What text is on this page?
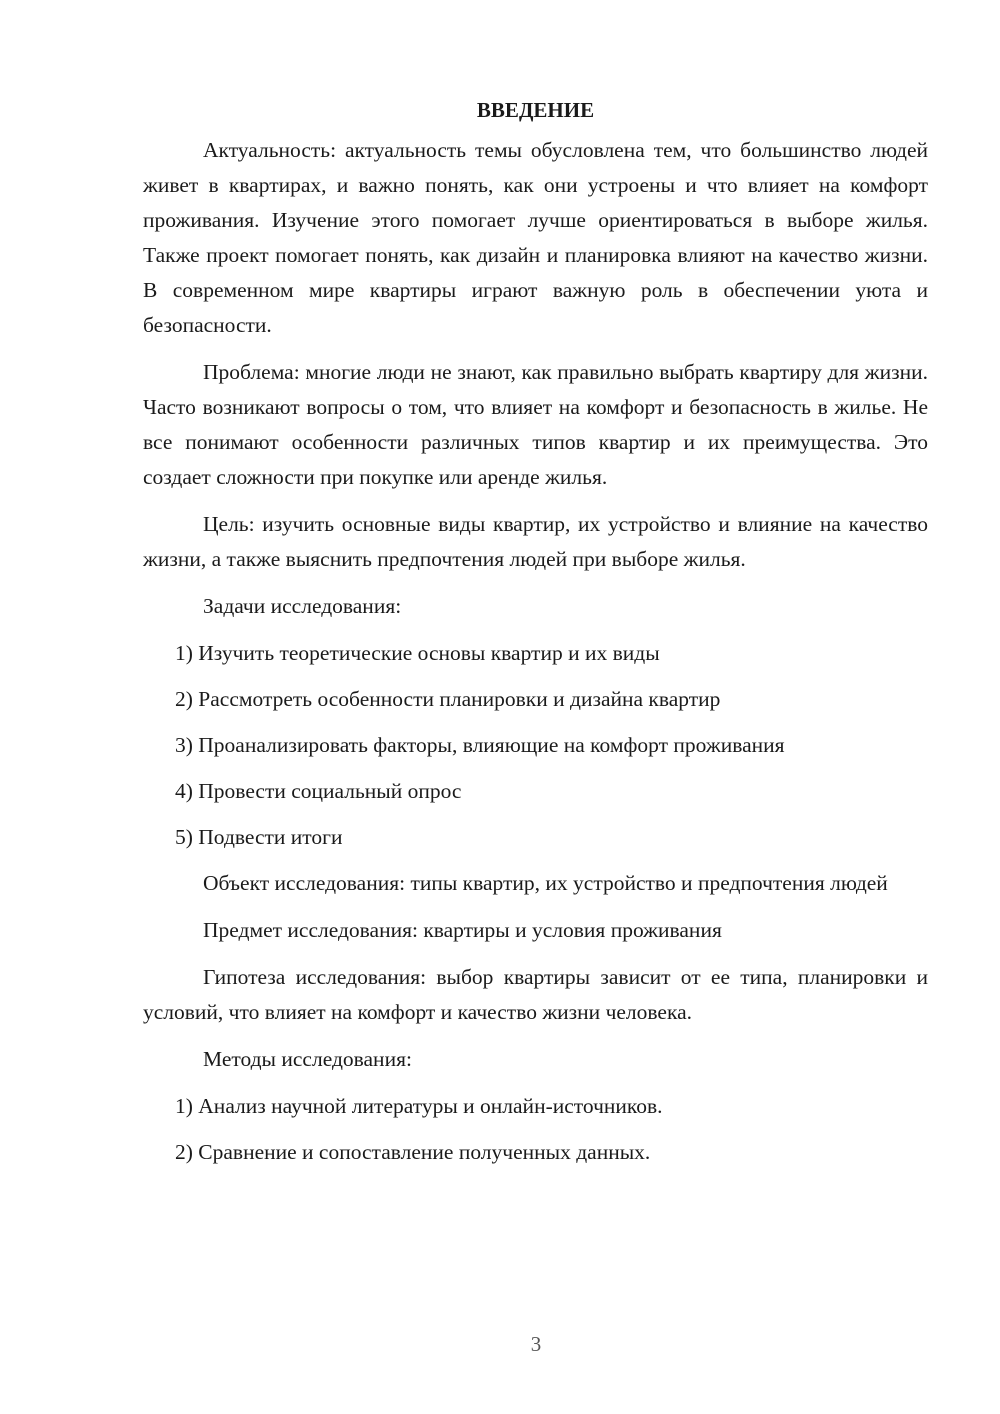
ВВЕДЕНИЕ

Актуальность: актуальность темы обусловлена тем, что большинство людей живет в квартирах, и важно понять, как они устроены и что влияет на комфорт проживания. Изучение этого помогает лучше ориентироваться в выборе жилья. Также проект помогает понять, как дизайн и планировка влияют на качество жизни. В современном мире квартиры играют важную роль в обеспечении уюта и безопасности.

Проблема: многие люди не знают, как правильно выбрать квартиру для жизни. Часто возникают вопросы о том, что влияет на комфорт и безопасность в жилье. Не все понимают особенности различных типов квартир и их преимущества. Это создает сложности при покупке или аренде жилья.

Цель: изучить основные виды квартир, их устройство и влияние на качество жизни, а также выяснить предпочтения людей при выборе жилья.

Задачи исследования:

1) Изучить теоретические основы квартир и их виды
2) Рассмотреть особенности планировки и дизайна квартир
3) Проанализировать факторы, влияющие на комфорт проживания
4) Провести социальный опрос
5) Подвести итоги

Объект исследования: типы квартир, их устройство и предпочтения людей

Предмет исследования: квартиры и условия проживания

Гипотеза исследования: выбор квартиры зависит от ее типа, планировки и условий, что влияет на комфорт и качество жизни человека.

Методы исследования:

1) Анализ научной литературы и онлайн-источников.
2) Сравнение и сопоставление полученных данных.
3
